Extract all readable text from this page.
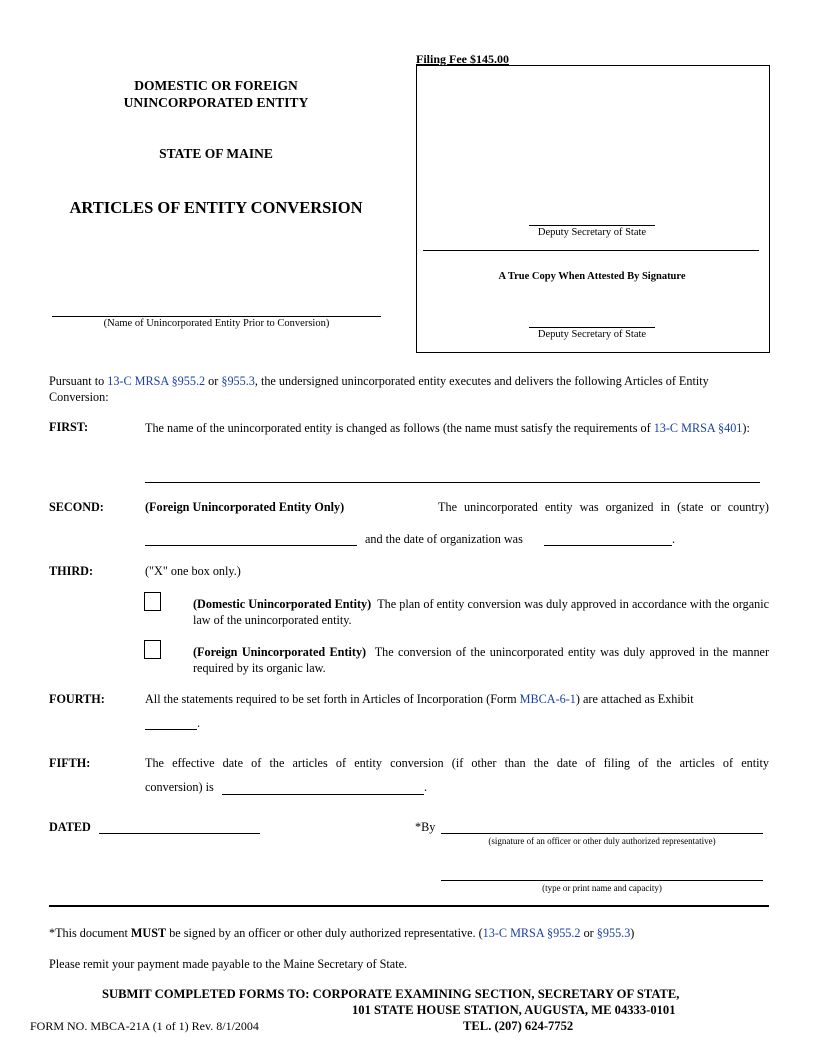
DOMESTIC OR FOREIGN
UNINCORPORATED ENTITY
STATE OF MAINE
ARTICLES OF ENTITY CONVERSION
(Name of Unincorporated Entity Prior to Conversion)
Filing Fee $145.00
Deputy Secretary of State
A True Copy When Attested By Signature
Deputy Secretary of State
Pursuant to 13-C MRSA §955.2 or §955.3, the undersigned unincorporated entity executes and delivers the following Articles of Entity Conversion:
FIRST:	The name of the unincorporated entity is changed as follows (the name must satisfy the requirements of 13-C MRSA §401):
SECOND:	(Foreign Unincorporated Entity Only)	The unincorporated entity was organized in (state or country)
and the date of organization was	.
THIRD:	("X" one box only.)
(Domestic Unincorporated Entity) The plan of entity conversion was duly approved in accordance with the organic law of the unincorporated entity.
(Foreign Unincorporated Entity) The conversion of the unincorporated entity was duly approved in the manner required by its organic law.
FOURTH:	All the statements required to be set forth in Articles of Incorporation (Form MBCA-6-1) are attached as Exhibit
.
FIFTH:	The effective date of the articles of entity conversion (if other than the date of filing of the articles of entity
conversion) is	.
DATED	*By
(signature of an officer or other duly authorized representative)
(type or print name and capacity)
*This document MUST be signed by an officer or other duly authorized representative. (13-C MRSA §955.2 or §955.3)
Please remit your payment made payable to the Maine Secretary of State.
SUBMIT COMPLETED FORMS TO: CORPORATE EXAMINING SECTION, SECRETARY OF STATE,
101 STATE HOUSE STATION, AUGUSTA, ME 04333-0101
TEL. (207) 624-7752
FORM NO. MBCA-21A (1 of 1) Rev. 8/1/2004
